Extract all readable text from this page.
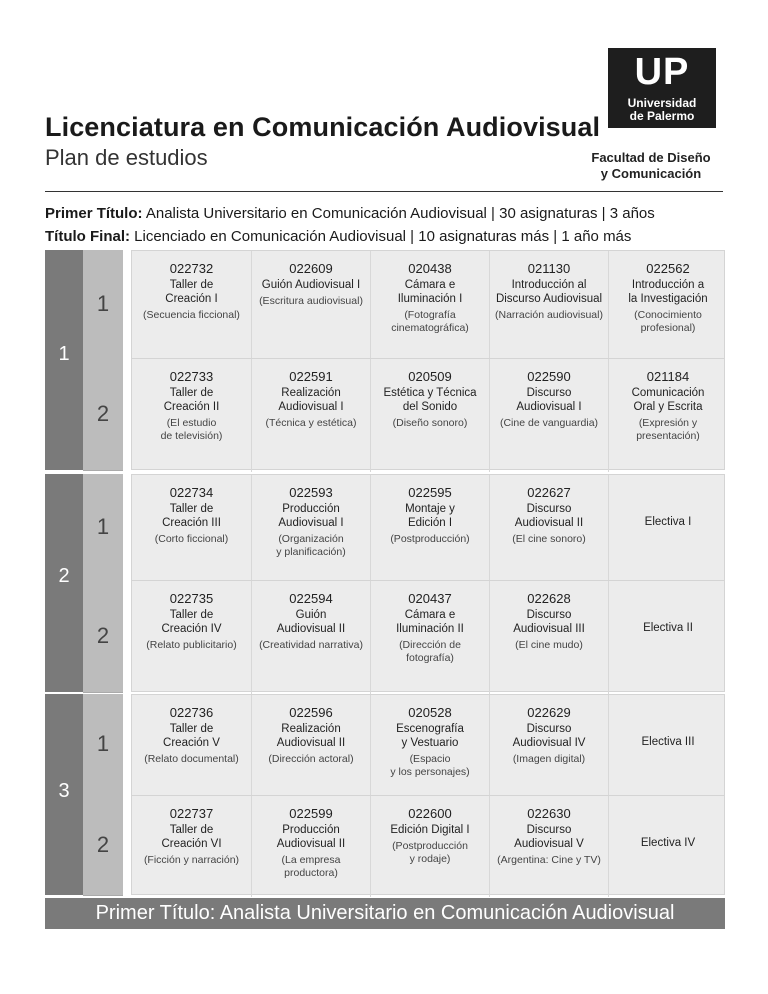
Licenciatura en Comunicación Audiovisual
Plan de estudios
UP
Universidad
de Palermo
Facultad de Diseño
y Comunicación
Primer Título: Analista Universitario en Comunicación Audiovisual | 30 asignaturas | 3 años
Título Final: Licenciado en Comunicación Audiovisual | 10 asignaturas más | 1 año más
1
1
2
022732
Taller de
Creación I
(Secuencia ficcional)
022609
Guión Audiovisual I
(Escritura audiovisual)
020438
Cámara e
Iluminación I
(Fotografía
cinematográfica)
021130
Introducción al
Discurso Audiovisual
(Narración audiovisual)
022562
Introducción a
la Investigación
(Conocimiento
profesional)
022733
Taller de
Creación II
(El estudio
de televisión)
022591
Realización
Audiovisual I
(Técnica y estética)
020509
Estética y Técnica
del Sonido
(Diseño sonoro)
022590
Discurso
Audiovisual I
(Cine de vanguardia)
021184
Comunicación
Oral y Escrita
(Expresión y
presentación)
2
1
2
022734
Taller de
Creación III
(Corto ficcional)
022593
Producción
Audiovisual I
(Organización
y planificación)
022595
Montaje y
Edición I
(Postproducción)
022627
Discurso
Audiovisual II
(El cine sonoro)
Electiva I
022735
Taller de
Creación IV
(Relato publicitario)
022594
Guión
Audiovisual II
(Creatividad narrativa)
020437
Cámara e
Iluminación II
(Dirección de
fotografía)
022628
Discurso
Audiovisual III
(El cine mudo)
Electiva II
3
1
2
022736
Taller de
Creación V
(Relato documental)
022596
Realización
Audiovisual II
(Dirección actoral)
020528
Escenografía
y Vestuario
(Espacio
y los personajes)
022629
Discurso
Audiovisual IV
(Imagen digital)
Electiva III
022737
Taller de
Creación VI
(Ficción y narración)
022599
Producción
Audiovisual II
(La empresa
productora)
022600
Edición Digital I
(Postproducción
y rodaje)
022630
Discurso
Audiovisual V
(Argentina: Cine y TV)
Electiva IV
Primer Título: Analista Universitario en Comunicación Audiovisual
